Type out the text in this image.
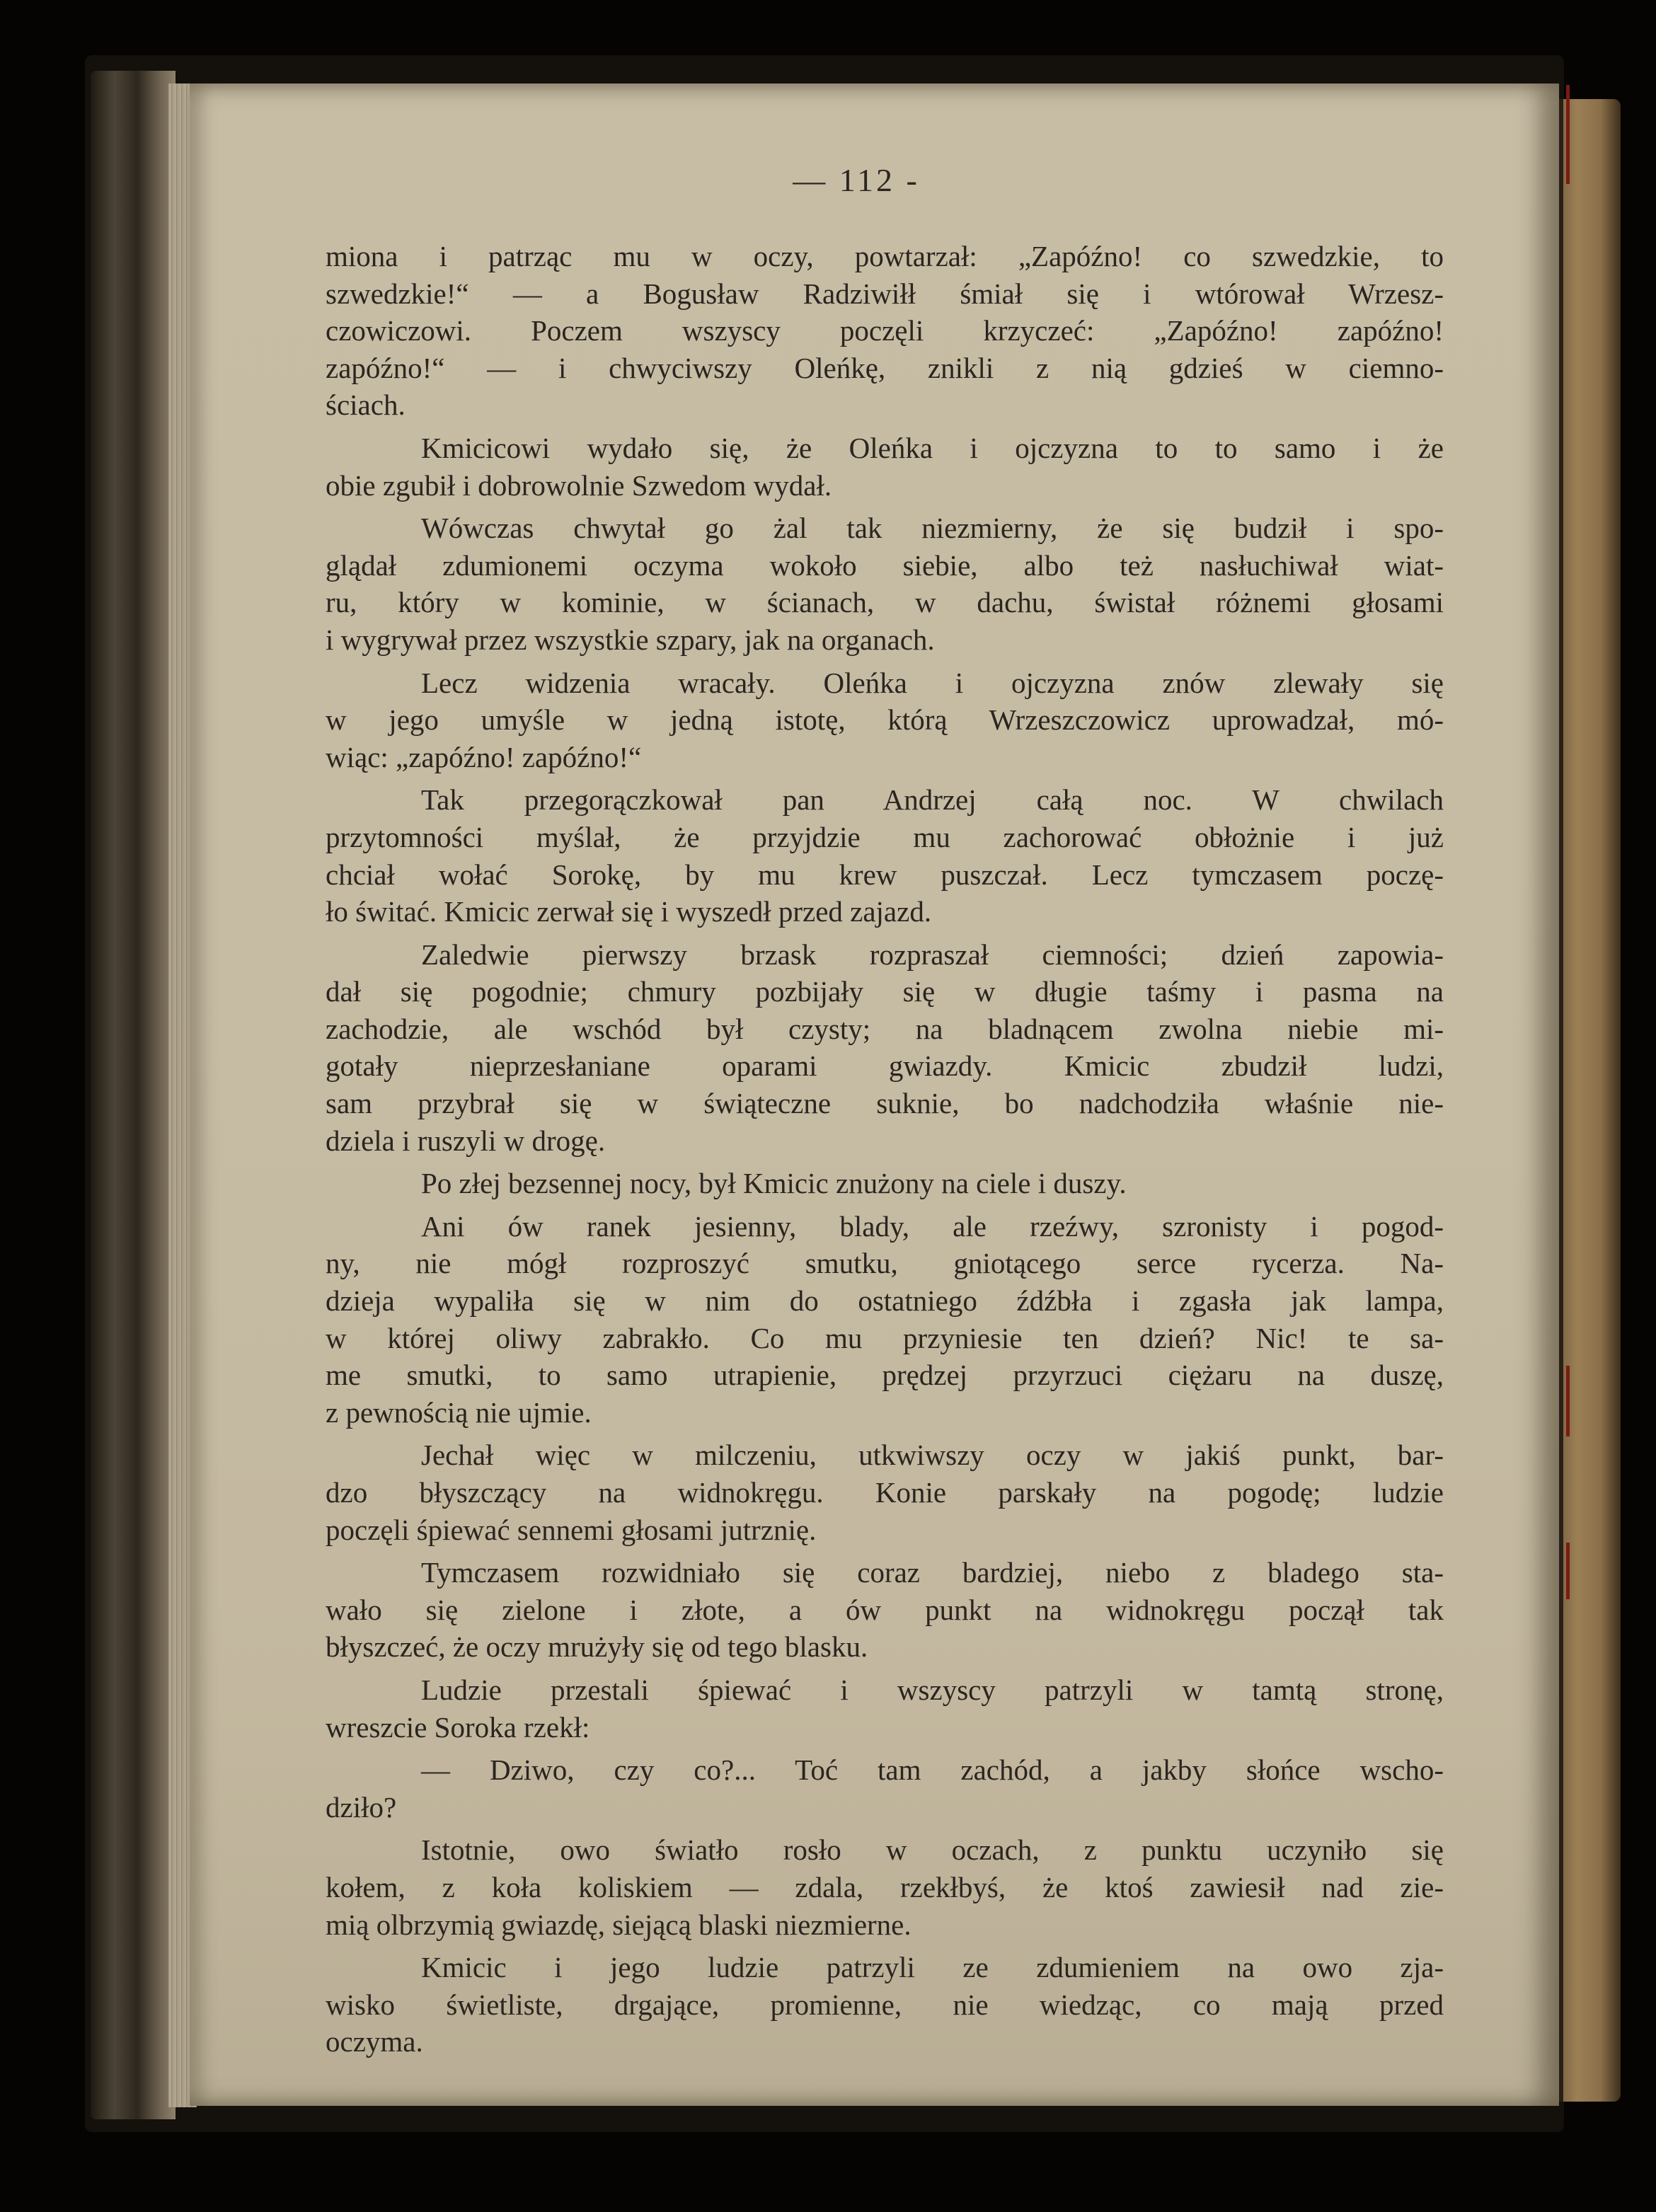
— 112 -
miona i patrząc mu w oczy, powtarzał: „Zapóźno! co szwedzkie, to
szwedzkie!“ — a Bogusław Radziwiłł śmiał się i wtórował Wrzesz-
czowiczowi. Poczem wszyscy poczęli krzyczeć: „Zapóźno! zapóźno!
zapóźno!“ — i chwyciwszy Oleńkę, znikli z nią gdzieś w ciemno-
ściach.
Kmicicowi wydało się, że Oleńka i ojczyzna to to samo i że
obie zgubił i dobrowolnie Szwedom wydał.
Wówczas chwytał go żal tak niezmierny, że się budził i spo-
glądał zdumionemi oczyma wokoło siebie, albo też nasłuchiwał wiat-
ru, który w kominie, w ścianach, w dachu, świstał różnemi głosami
i wygrywał przez wszystkie szpary, jak na organach.
Lecz widzenia wracały. Oleńka i ojczyzna znów zlewały się
w jego umyśle w jedną istotę, którą Wrzeszczowicz uprowadzał, mó-
wiąc: „zapóźno! zapóźno!“
Tak przegorączkował pan Andrzej całą noc. W chwilach
przytomności myślał, że przyjdzie mu zachorować obłożnie i już
chciał wołać Sorokę, by mu krew puszczał. Lecz tymczasem poczę-
ło świtać. Kmicic zerwał się i wyszedł przed zajazd.
Zaledwie pierwszy brzask rozpraszał ciemności; dzień zapowia-
dał się pogodnie; chmury pozbijały się w długie taśmy i pasma na
zachodzie, ale wschód był czysty; na bladnącem zwolna niebie mi-
gotały nieprzesłaniane oparami gwiazdy. Kmicic zbudził ludzi,
sam przybrał się w świąteczne suknie, bo nadchodziła właśnie nie-
dziela i ruszyli w drogę.
Po złej bezsennej nocy, był Kmicic znużony na ciele i duszy.
Ani ów ranek jesienny, blady, ale rzeźwy, szronisty i pogod-
ny, nie mógł rozproszyć smutku, gniotącego serce rycerza. Na-
dzieja wypaliła się w nim do ostatniego źdźbła i zgasła jak lampa,
w której oliwy zabrakło. Co mu przyniesie ten dzień? Nic! te sa-
me smutki, to samo utrapienie, prędzej przyrzuci ciężaru na duszę,
z pewnością nie ujmie.
Jechał więc w milczeniu, utkwiwszy oczy w jakiś punkt, bar-
dzo błyszczący na widnokręgu. Konie parskały na pogodę; ludzie
poczęli śpiewać sennemi głosami jutrznię.
Tymczasem rozwidniało się coraz bardziej, niebo z bladego sta-
wało się zielone i złote, a ów punkt na widnokręgu począł tak
błyszczeć, że oczy mrużyły się od tego blasku.
Ludzie przestali śpiewać i wszyscy patrzyli w tamtą stronę,
wreszcie Soroka rzekł:
— Dziwo, czy co?... Toć tam zachód, a jakby słońce wscho-
dziło?
Istotnie, owo światło rosło w oczach, z punktu uczyniło się
kołem, z koła koliskiem — zdala, rzekłbyś, że ktoś zawiesił nad zie-
mią olbrzymią gwiazdę, siejącą blaski niezmierne.
Kmicic i jego ludzie patrzyli ze zdumieniem na owo zja-
wisko świetliste, drgające, promienne, nie wiedząc, co mają przed
oczyma.
